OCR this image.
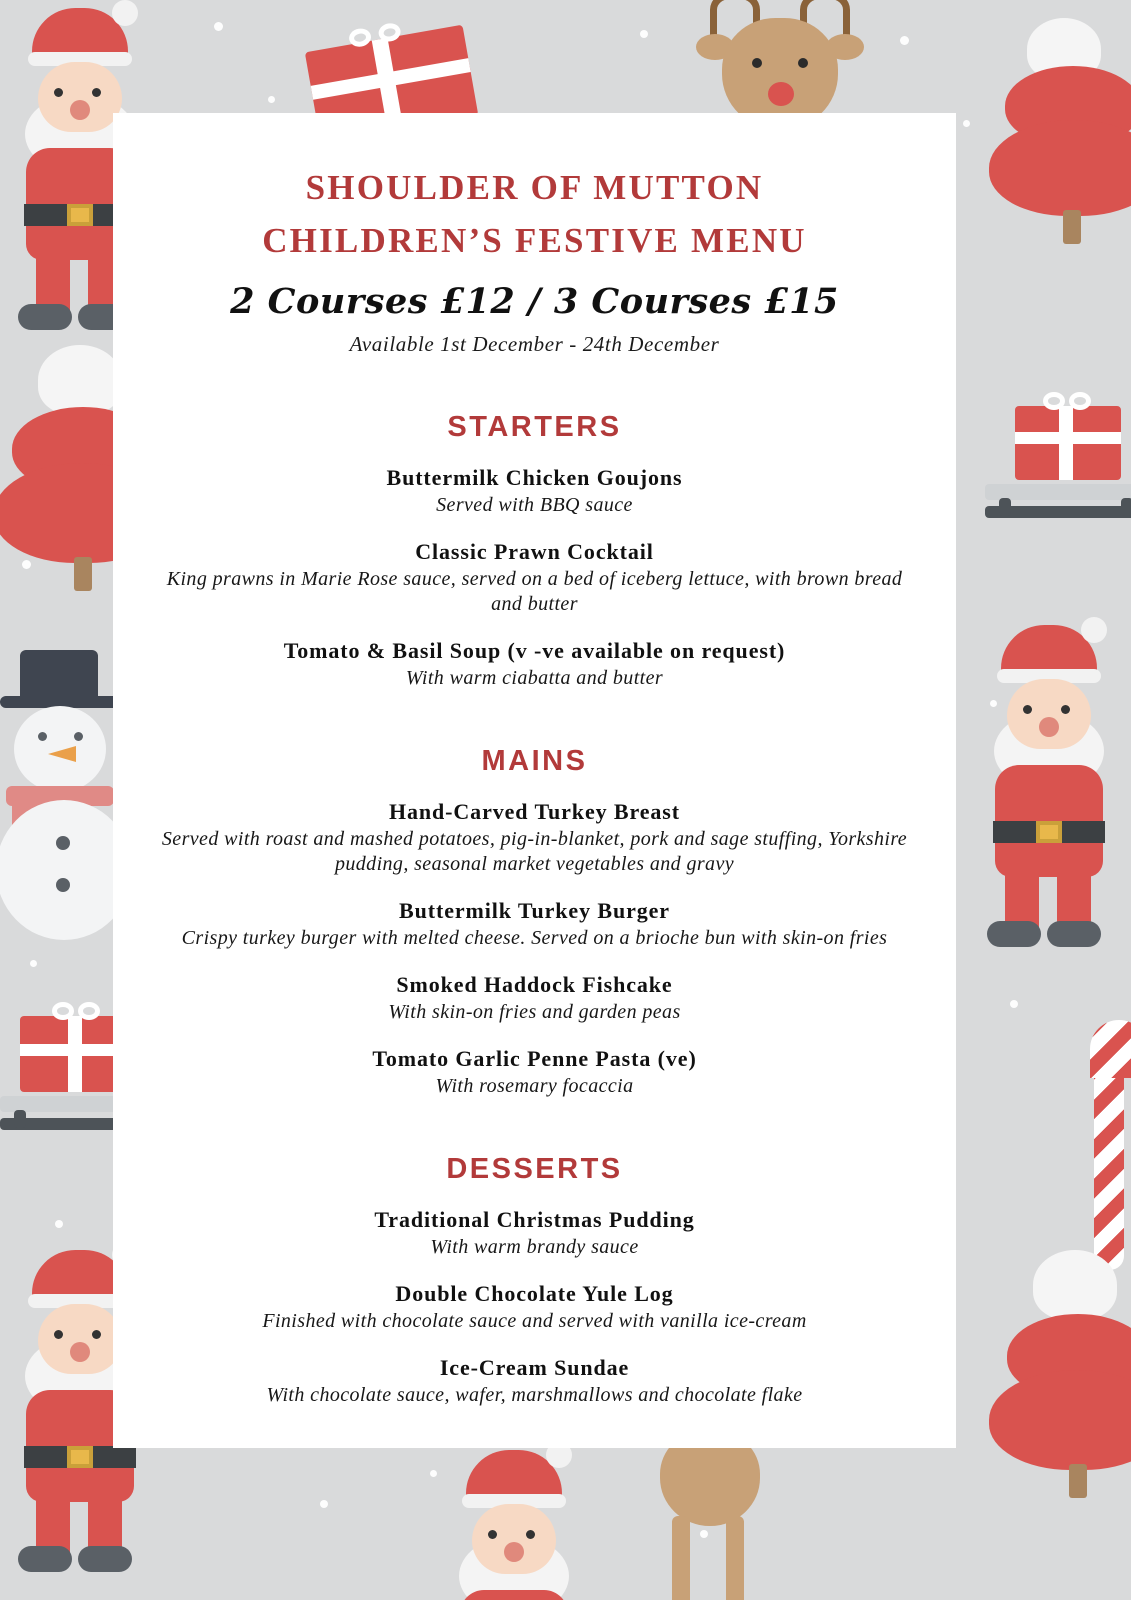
SHOULDER OF MUTTON
CHILDREN’S FESTIVE MENU
2 Courses £12 / 3 Courses £15
Available 1st December - 24th December
STARTERS
Buttermilk Chicken Goujons
Served with BBQ sauce
Classic Prawn Cocktail
King prawns in Marie Rose sauce, served on a bed of iceberg lettuce, with brown bread and butter
Tomato & Basil Soup (v -ve available on request)
With warm ciabatta and butter
MAINS
Hand-Carved Turkey Breast
Served with roast and mashed potatoes, pig-in-blanket, pork and sage stuffing, Yorkshire pudding, seasonal market vegetables and gravy
Buttermilk Turkey Burger
Crispy turkey burger with melted cheese. Served on a brioche bun with skin-on fries
Smoked Haddock Fishcake
With skin-on fries and garden peas
Tomato Garlic Penne Pasta (ve)
With rosemary focaccia
DESSERTS
Traditional Christmas Pudding
With warm brandy sauce
Double Chocolate Yule Log
Finished with chocolate sauce and served with vanilla ice-cream
Ice-Cream Sundae
With chocolate sauce, wafer, marshmallows and chocolate flake
